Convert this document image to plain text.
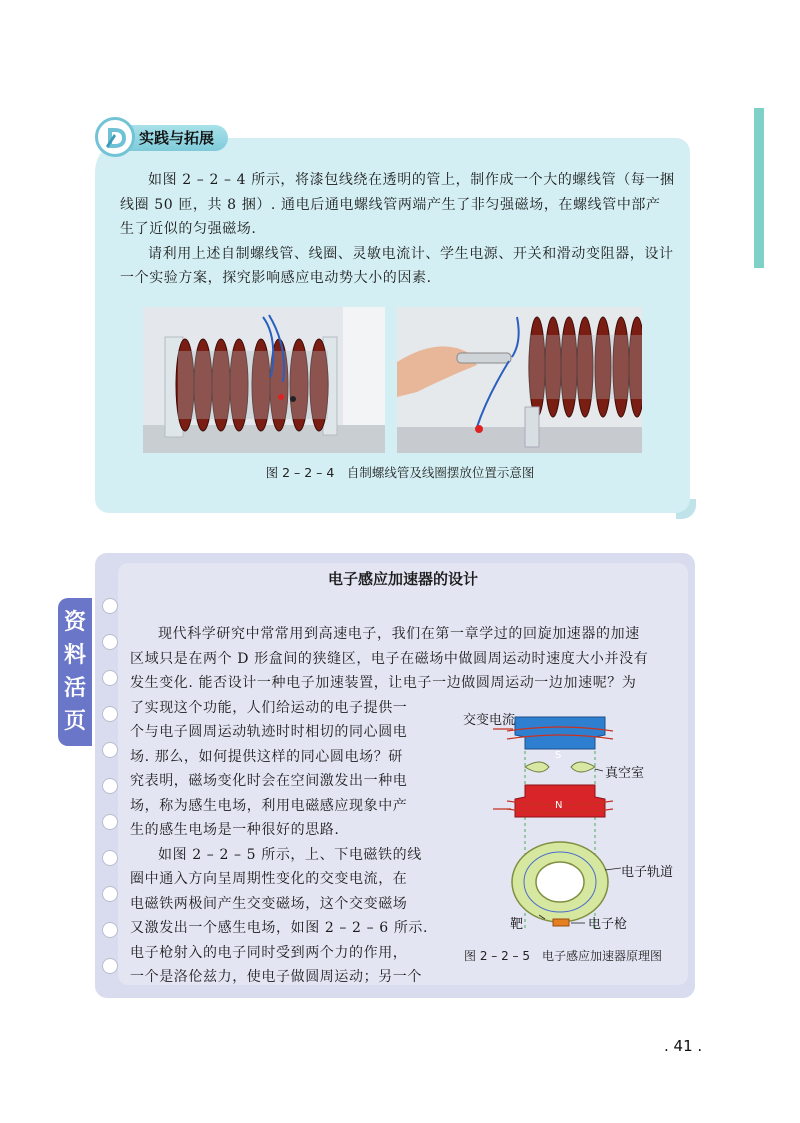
实践与拓展

如图 2 – 2 – 4 所示，将漆包线绕在透明的管上，制作成一个大的螺线管（每一捆线圈 50 匝，共 8 捆）. 通电后通电螺线管两端产生了非匀强磁场，在螺线管中部产生了近似的匀强磁场.

请利用上述自制螺线管、线圈、灵敏电流计、学生电源、开关和滑动变阻器，设计一个实验方案，探究影响感应电动势大小的因素.

图 2 – 2 – 4　自制螺线管及线圈摆放位置示意图
资料活页
电子感应加速器的设计
现代科学研究中常常用到高速电子，我们在第一章学过的回旋加速器的加速
区域只是在两个 D 形盒间的狭缝区，电子在磁场中做圆周运动时速度大小并没有
发生变化. 能否设计一种电子加速装置，让电子一边做圆周运动一边加速呢？为
了实现这个功能，人们给运动的电子提供一
个与电子圆周运动轨迹时时相切的同心圆电
场. 那么，如何提供这样的同心圆电场？研
究表明，磁场变化时会在空间激发出一种电
场，称为感生电场，利用电磁感应现象中产
生的感生电场是一种很好的思路.
如图 2 – 2 – 5 所示，上、下电磁铁的线
圈中通入方向呈周期性变化的交变电流，在
电磁铁两极间产生交变磁场，这个交变磁场
又激发出一个感生电场，如图 2 – 2 – 6 所示.
电子枪射入的电子同时受到两个力的作用，
一个是洛伦兹力，使电子做圆周运动；另一个
交变电流
S
真空室
N
电子轨道
靶	电子枪
图 2 – 2 – 5　电子感应加速器原理图
. 41 .
